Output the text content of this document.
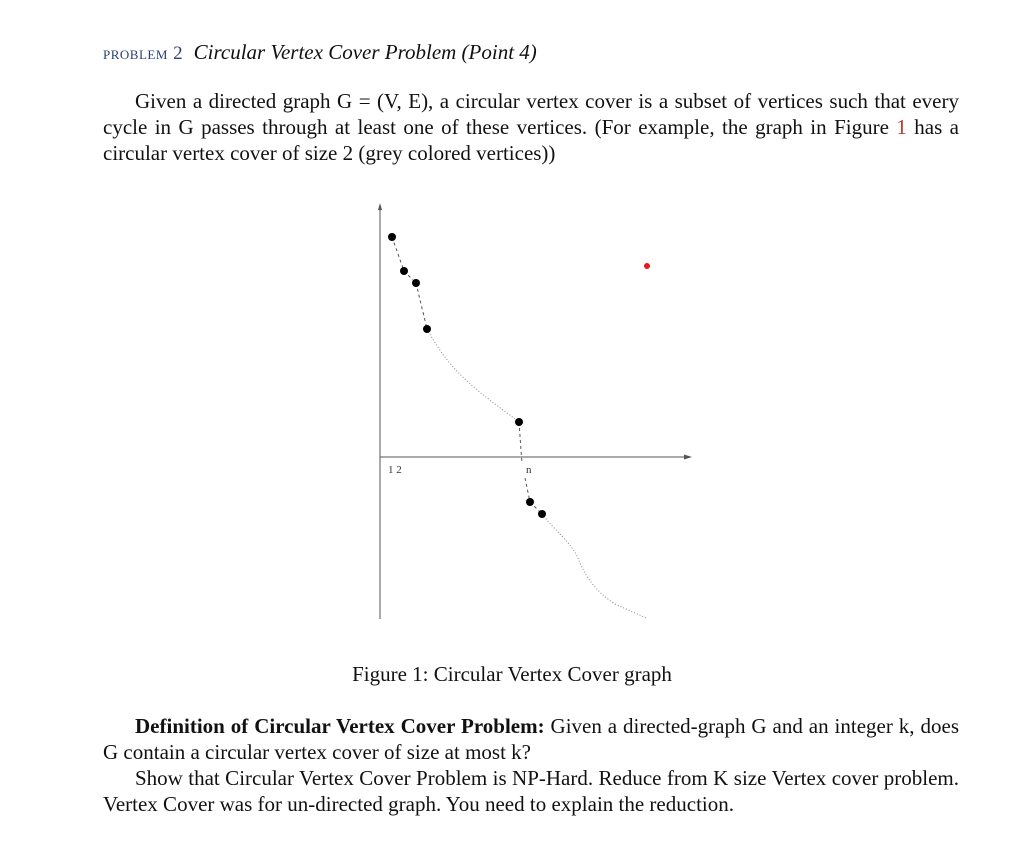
problem 2 Circular Vertex Cover Problem (Point 4)

Given a directed graph G = (V, E), a circular vertex cover is a subset of vertices such that every cycle in G passes through at least one of these vertices. (For example, the graph in Figure 1 has a circular vertex cover of size 2 (grey colored vertices))

1 2	n
Figure 1: Circular Vertex Cover graph

Definition of Circular Vertex Cover Problem: Given a directed-graph G and an integer k, does G contain a circular vertex cover of size at most k?

Show that Circular Vertex Cover Problem is NP-Hard. Reduce from K size Vertex cover problem. Vertex Cover was for un-directed graph. You need to explain the reduction.
